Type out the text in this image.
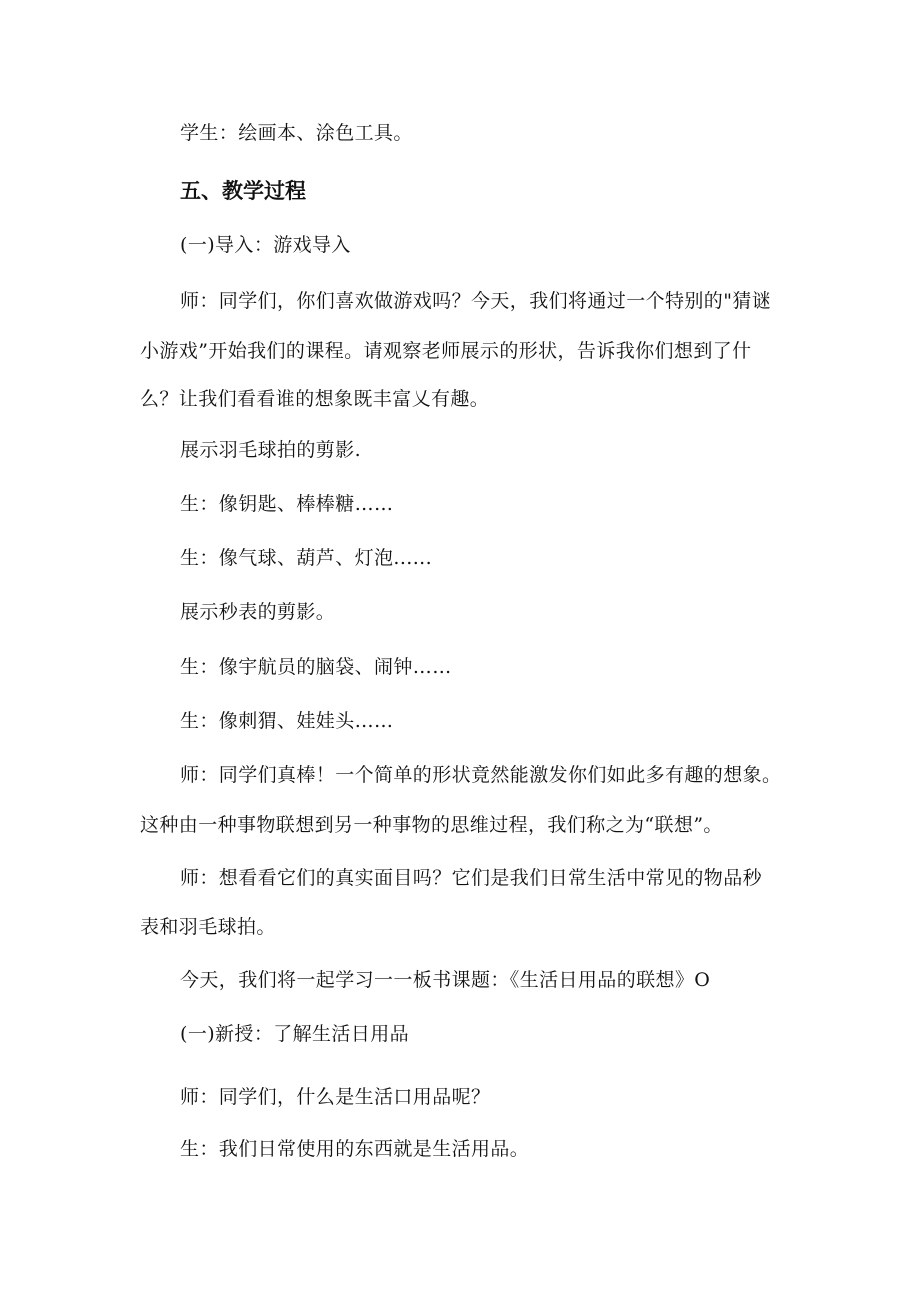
学生：绘画本、涂色工具。
五、教学过程
(一)导入：游戏导入
师：同学们，你们喜欢做游戏吗？今天，我们将通过一个特别的"猜谜
小游戏”开始我们的课程。请观察老师展示的形状，告诉我你们想到了什
么？让我们看看谁的想象既丰富乂有趣。
展示羽毛球拍的剪影.
生：像钥匙、棒棒糖……
生：像气球、葫芦、灯泡......
展示秒表的剪影。
生：像宇航员的脑袋、闹钟……
生：像刺猬、娃娃头……
师：同学们真棒！一个简单的形状竟然能激发你们如此多有趣的想象。
这种由一种事物联想到另一种事物的思维过程，我们称之为“联想”。
师：想看看它们的真实面目吗？它们是我们日常生活中常见的物品秒
表和羽毛球拍。
今天，我们将一起学习一一板书课题：《生活日用品的联想》O
(一)新授：了解生活日用品
师：同学们，什么是生活口用品呢？
生：我们日常使用的东西就是生活用品。
